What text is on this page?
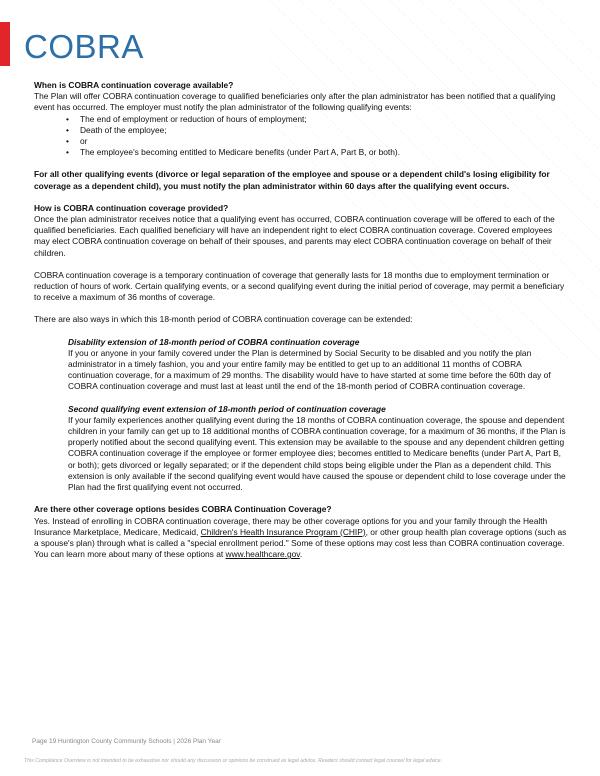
COBRA

When is COBRA continuation coverage available?

The Plan will offer COBRA continuation coverage to qualified beneficiaries only after the plan administrator has been notified that a qualifying event has occurred. The employer must notify the plan administrator of the following qualifying events:

• The end of employment or reduction of hours of employment;
• Death of the employee;
• or
• The employee's becoming entitled to Medicare benefits (under Part A, Part B, or both).

For all other qualifying events (divorce or legal separation of the employee and spouse or a dependent child's losing eligibility for coverage as a dependent child), you must notify the plan administrator within 60 days after the qualifying event occurs.

How is COBRA continuation coverage provided?

Once the plan administrator receives notice that a qualifying event has occurred, COBRA continuation coverage will be offered to each of the qualified beneficiaries. Each qualified beneficiary will have an independent right to elect COBRA continuation coverage. Covered employees may elect COBRA continuation coverage on behalf of their spouses, and parents may elect COBRA continuation coverage on behalf of their children.

COBRA continuation coverage is a temporary continuation of coverage that generally lasts for 18 months due to employment termination or reduction of hours of work. Certain qualifying events, or a second qualifying event during the initial period of coverage, may permit a beneficiary to receive a maximum of 36 months of coverage.

There are also ways in which this 18-month period of COBRA continuation coverage can be extended:

Disability extension of 18-month period of COBRA continuation coverage

If you or anyone in your family covered under the Plan is determined by Social Security to be disabled and you notify the plan administrator in a timely fashion, you and your entire family may be entitled to get up to an additional 11 months of COBRA continuation coverage, for a maximum of 29 months. The disability would have to have started at some time before the 60th day of COBRA continuation coverage and must last at least until the end of the 18-month period of COBRA continuation coverage.

Second qualifying event extension of 18-month period of continuation coverage

If your family experiences another qualifying event during the 18 months of COBRA continuation coverage, the spouse and dependent children in your family can get up to 18 additional months of COBRA continuation coverage, for a maximum of 36 months, if the Plan is properly notified about the second qualifying event. This extension may be available to the spouse and any dependent children getting COBRA continuation coverage if the employee or former employee dies; becomes entitled to Medicare benefits (under Part A, Part B, or both); gets divorced or legally separated; or if the dependent child stops being eligible under the Plan as a dependent child. This extension is only available if the second qualifying event would have caused the spouse or dependent child to lose coverage under the Plan had the first qualifying event not occurred.

Are there other coverage options besides COBRA Continuation Coverage?

Yes. Instead of enrolling in COBRA continuation coverage, there may be other coverage options for you and your family through the Health Insurance Marketplace, Medicare, Medicaid, Children's Health Insurance Program (CHIP), or other group health plan coverage options (such as a spouse's plan) through what is called a "special enrollment period." Some of these options may cost less than COBRA continuation coverage. You can learn more about many of these options at www.healthcare.gov.

Page 19 Huntington County Community Schools | 2026 Plan Year
This Compliance Overview is not intended to be exhaustive nor should any discussion or opinions be construed as legal advice. Readers should contact legal counsel for legal advice.
